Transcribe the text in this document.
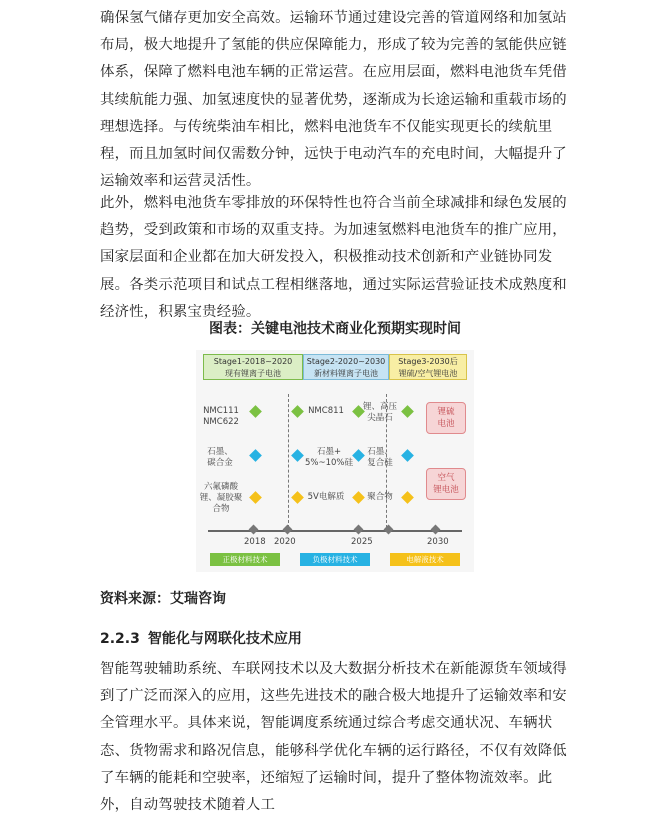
确保氢气储存更加安全高效。运输环节通过建设完善的管道网络和加氢站布局，极大地提升了氢能的供应保障能力，形成了较为完善的氢能供应链体系，保障了燃料电池车辆的正常运营。在应用层面，燃料电池货车凭借其续航能力强、加氢速度快的显著优势，逐渐成为长途运输和重载市场的理想选择。与传统柴油车相比，燃料电池货车不仅能实现更长的续航里程，而且加氢时间仅需数分钟，远快于电动汽车的充电时间，大幅提升了运输效率和运营灵活性。

此外，燃料电池货车零排放的环保特性也符合当前全球减排和绿色发展的趋势，受到政策和市场的双重支持。为加速氢燃料电池货车的推广应用，国家层面和企业都在加大研发投入，积极推动技术创新和产业链协同发展。各类示范项目和试点工程相继落地，通过实际运营验证技术成熟度和经济性，积累宝贵经验。

图表：关键电池技术商业化预期实现时间

Stage1-2018~2020
现有锂离子电池
Stage2-2020~2030
新材料锂离子电池
Stage3-2030后
锂硫/空气锂电池
NMC111
NMC622
NMC811	锂、高压
尖晶石
锂硫
电池
石墨、
碳合金
石墨+
5%~10%硅
石墨、
复合硅
空气
锂电池
六氟磷酸
锂、凝胶聚
合物
5V电解质	聚合物
2018 2020	2025	2030
正极材料技术	负极材料技术	电解液技术

资料来源：艾瑞咨询

2.2.3 智能化与网联化技术应用

智能驾驶辅助系统、车联网技术以及大数据分析技术在新能源货车领域得到了广泛而深入的应用，这些先进技术的融合极大地提升了运输效率和安全管理水平。具体来说，智能调度系统通过综合考虑交通状况、车辆状态、货物需求和路况信息，能够科学优化车辆的运行路径，不仅有效降低了车辆的能耗和空驶率，还缩短了运输时间，提升了整体物流效率。此外，自动驾驶技术随着人工
